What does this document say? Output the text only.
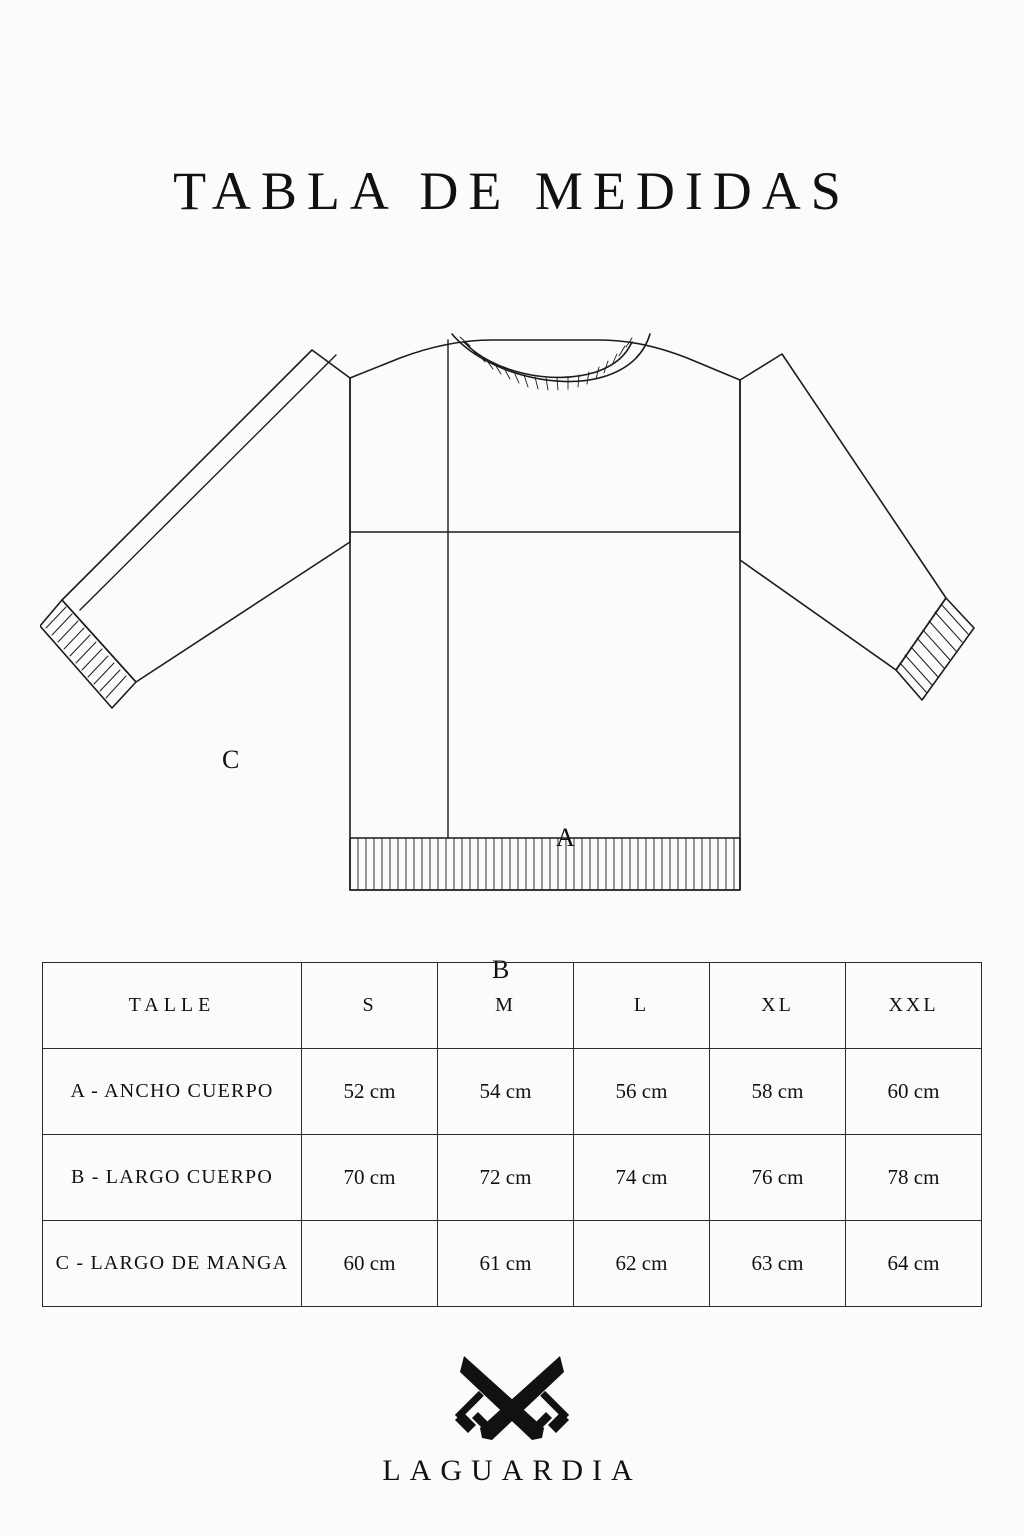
TABLA DE MEDIDAS
A
B
C
TALLE	S	M	L	XL	XXL
A - ANCHO CUERPO	52 cm	54 cm	56 cm	58 cm	60 cm
B - LARGO CUERPO	70 cm	72 cm	74 cm	76 cm	78 cm
C - LARGO DE MANGA	60 cm	61 cm	62 cm	63 cm	64 cm
LAGUARDIA
